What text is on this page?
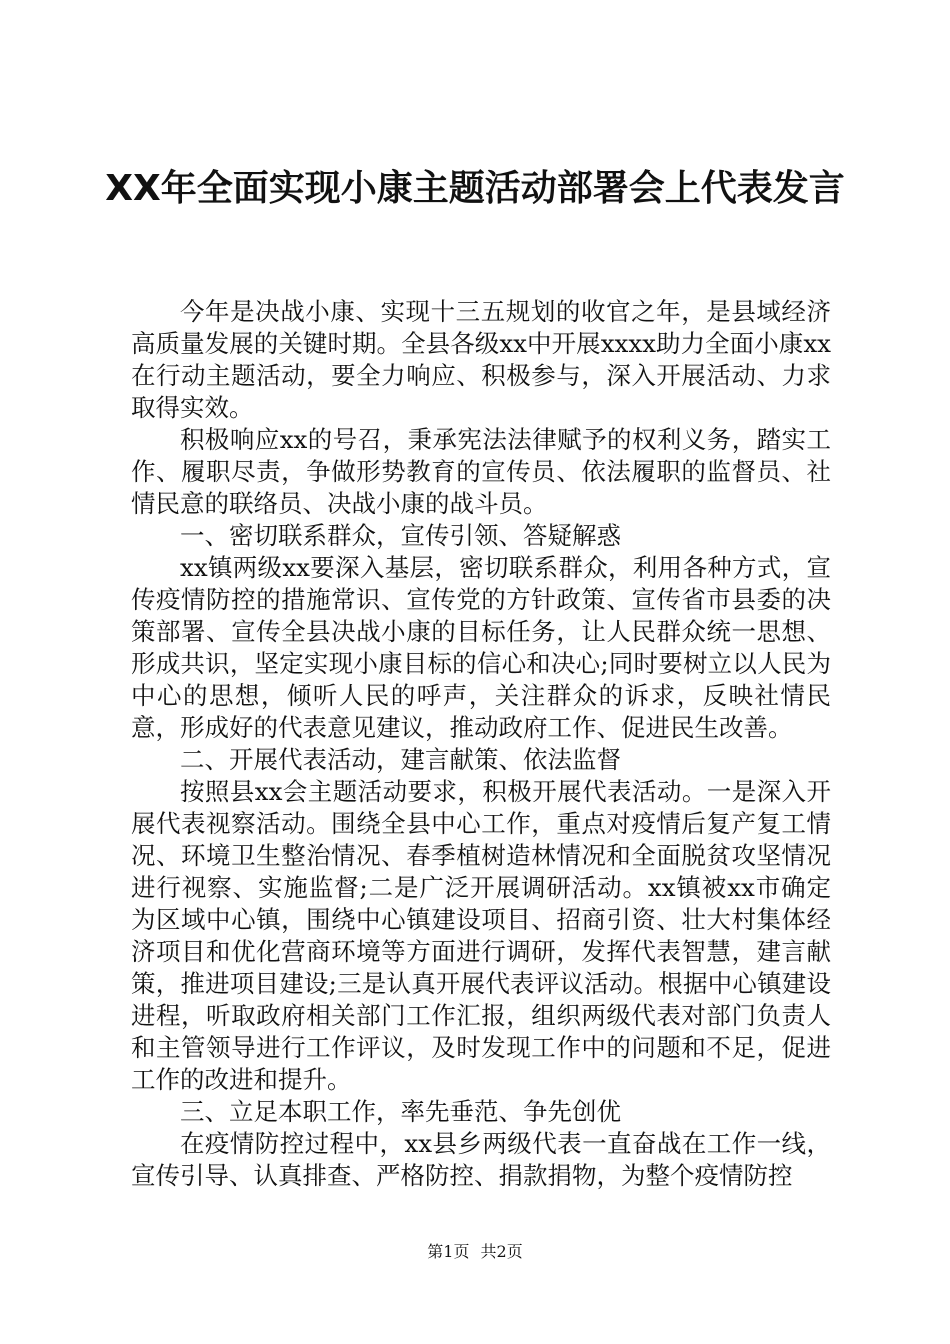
XX年全面实现小康主题活动部署会上代表发言

今年是决战小康、实现十三五规划的收官之年，是县域经济高质量发展的关键时期。全县各级xx中开展xxxx助力全面小康xx在行动主题活动，要全力响应、积极参与，深入开展活动、力求取得实效。

积极响应xx的号召，秉承宪法法律赋予的权利义务，踏实工作、履职尽责，争做形势教育的宣传员、依法履职的监督员、社情民意的联络员、决战小康的战斗员。

一、密切联系群众，宣传引领、答疑解惑

xx镇两级xx要深入基层，密切联系群众，利用各种方式，宣传疫情防控的措施常识、宣传党的方针政策、宣传省市县委的决策部署、宣传全县决战小康的目标任务，让人民群众统一思想、形成共识，坚定实现小康目标的信心和决心;同时要树立以人民为中心的思想，倾听人民的呼声，关注群众的诉求，反映社情民意，形成好的代表意见建议，推动政府工作、促进民生改善。

二、开展代表活动，建言献策、依法监督

按照县xx会主题活动要求，积极开展代表活动。一是深入开展代表视察活动。围绕全县中心工作，重点对疫情后复产复工情况、环境卫生整治情况、春季植树造林情况和全面脱贫攻坚情况进行视察、实施监督;二是广泛开展调研活动。xx镇被xx市确定为区域中心镇，围绕中心镇建设项目、招商引资、壮大村集体经济项目和优化营商环境等方面进行调研，发挥代表智慧，建言献策，推进项目建设;三是认真开展代表评议活动。根据中心镇建设进程，听取政府相关部门工作汇报，组织两级代表对部门负责人和主管领导进行工作评议，及时发现工作中的问题和不足，促进工作的改进和提升。

三、立足本职工作，率先垂范、争先创优

在疫情防控过程中，xx县乡两级代表一直奋战在工作一线，宣传引导、认真排查、严格防控、捐款捐物，为整个疫情防控

第1页 共2页
